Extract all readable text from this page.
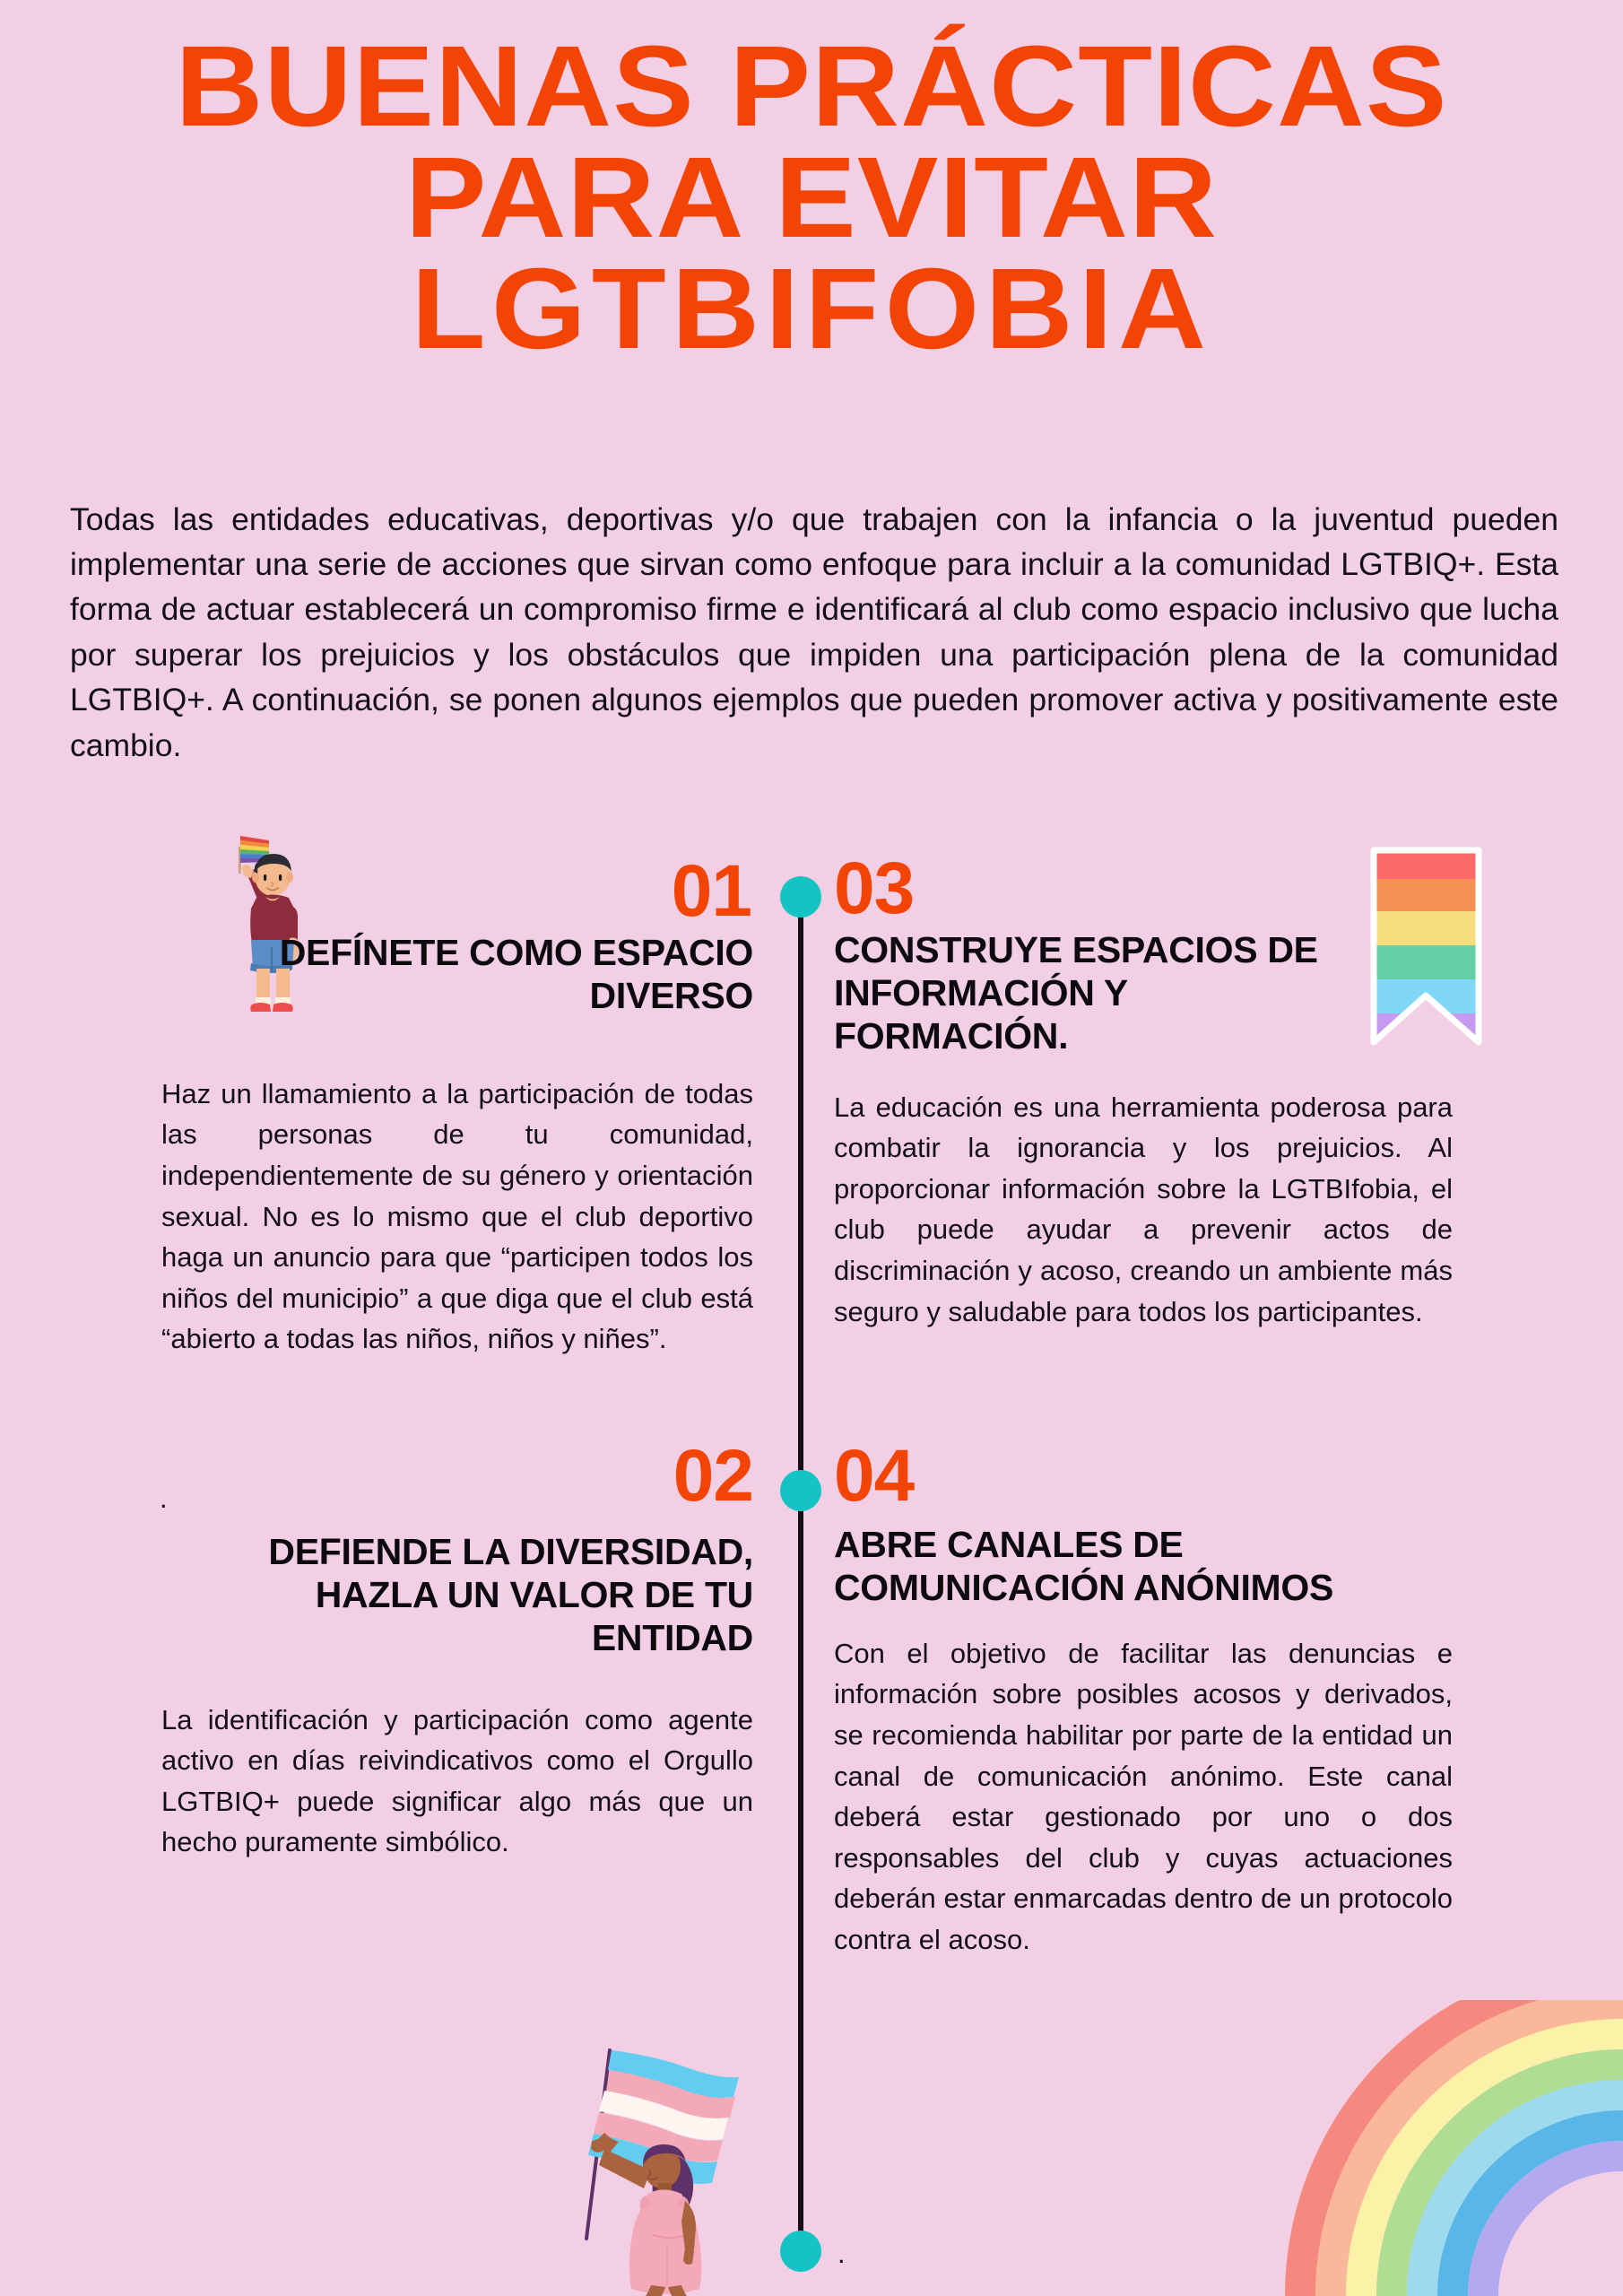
BUENAS PRÁCTICAS
PARA EVITAR
LGTBIFOBIA

Todas las entidades educativas, deportivas y/o que trabajen con la infancia o la juventud pueden implementar una serie de acciones que sirvan como enfoque para incluir a la comunidad LGTBIQ+. Esta forma de actuar establecerá un compromiso firme e identificará al club como espacio inclusivo que lucha por superar los prejuicios y los obstáculos que impiden una participación plena de la comunidad LGTBIQ+. A continuación, se ponen algunos ejemplos que pueden promover activa y positivamente este cambio.

01
DEFÍNETE COMO ESPACIO DIVERSO

Haz un llamamiento a la participación de todas las personas de tu comunidad, independientemente de su género y orientación sexual. No es lo mismo que el club deportivo haga un anuncio para que “participen todos los niños del municipio” a que diga que el club está “abierto a todas las niños, niños y niñes”.

.	02
DEFIENDE LA DIVERSIDAD, HAZLA UN VALOR DE TU ENTIDAD

La identificación y participación como agente activo en días reivindicativos como el Orgullo LGTBIQ+ puede significar algo más que un hecho puramente simbólico.

03
CONSTRUYE ESPACIOS DE INFORMACIÓN Y FORMACIÓN.

La educación es una herramienta poderosa para combatir la ignorancia y los prejuicios. Al proporcionar información sobre la LGTBIfobia, el club puede ayudar a prevenir actos de discriminación y acoso, creando un ambiente más seguro y saludable para todos los participantes.

04
ABRE CANALES DE COMUNICACIÓN ANÓNIMOS

Con el objetivo de facilitar las denuncias e información sobre posibles acosos y derivados, se recomienda habilitar por parte de la entidad un canal de comunicación anónimo. Este canal deberá estar gestionado por uno o dos responsables del club y cuyas actuaciones deberán estar enmarcadas dentro de un protocolo contra el acoso.

.
